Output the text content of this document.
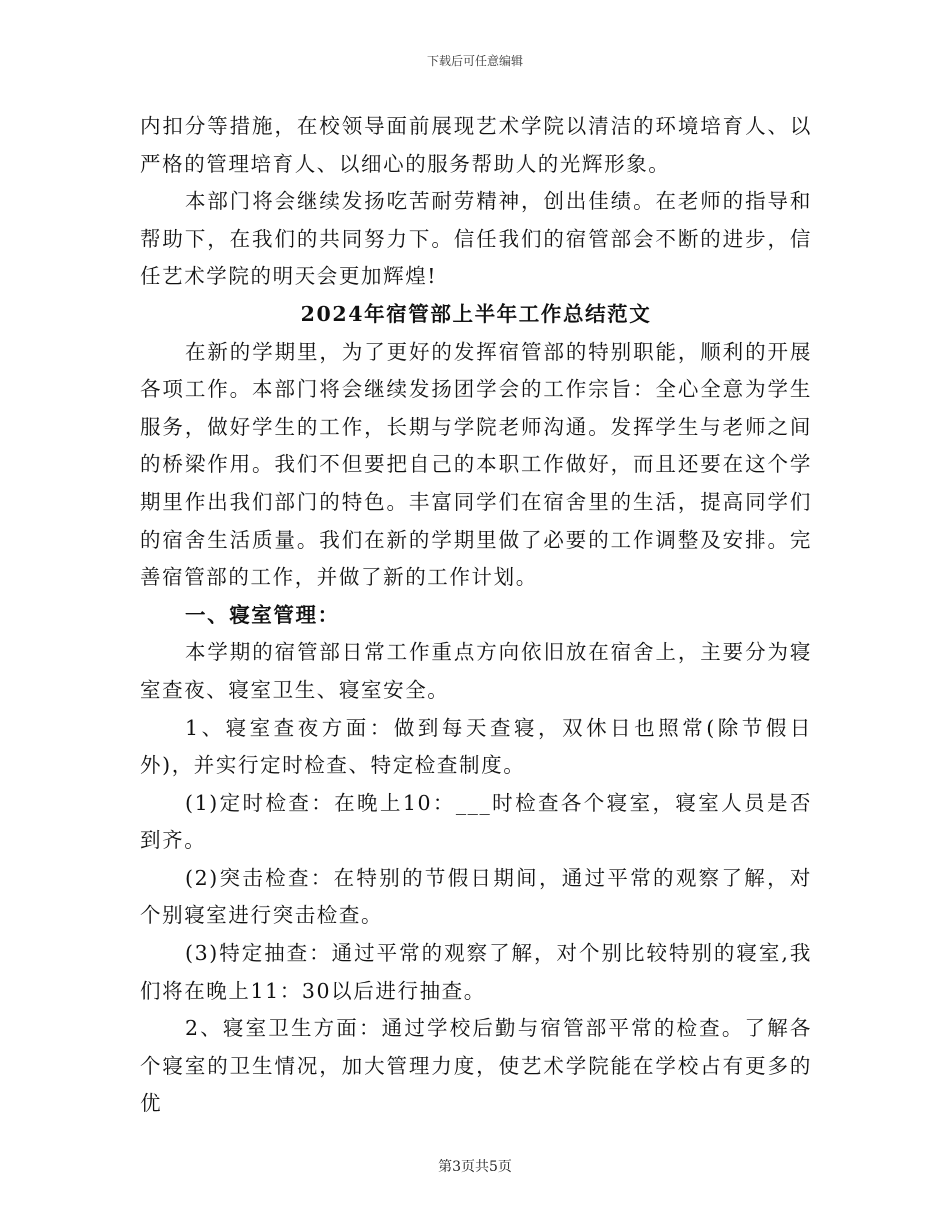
下载后可任意编辑

内扣分等措施，在校领导面前展现艺术学院以清洁的环境培育人、以严格的管理培育人、以细心的服务帮助人的光辉形象。

本部门将会继续发扬吃苦耐劳精神，创出佳绩。在老师的指导和帮助下，在我们的共同努力下。信任我们的宿管部会不断的进步，信任艺术学院的明天会更加辉煌!

2024年宿管部上半年工作总结范文

在新的学期里，为了更好的发挥宿管部的特别职能，顺利的开展各项工作。本部门将会继续发扬团学会的工作宗旨：全心全意为学生服务，做好学生的工作，长期与学院老师沟通。发挥学生与老师之间的桥梁作用。我们不但要把自己的本职工作做好，而且还要在这个学期里作出我们部门的特色。丰富同学们在宿舍里的生活，提高同学们的宿舍生活质量。我们在新的学期里做了必要的工作调整及安排。完善宿管部的工作，并做了新的工作计划。

一、寝室管理：

本学期的宿管部日常工作重点方向依旧放在宿舍上，主要分为寝室查夜、寝室卫生、寝室安全。

1、寝室查夜方面：做到每天查寝，双休日也照常(除节假日外)，并实行定时检查、特定检查制度。

(1)定时检查：在晚上10：___时检查各个寝室，寝室人员是否到齐。

(2)突击检查：在特别的节假日期间，通过平常的观察了解，对个别寝室进行突击检查。

(3)特定抽查：通过平常的观察了解，对个别比较特别的寝室,我们将在晚上11：30以后进行抽查。

2、寝室卫生方面：通过学校后勤与宿管部平常的检查。了解各个寝室的卫生情况，加大管理力度，使艺术学院能在学校占有更多的优

第3页共5页
